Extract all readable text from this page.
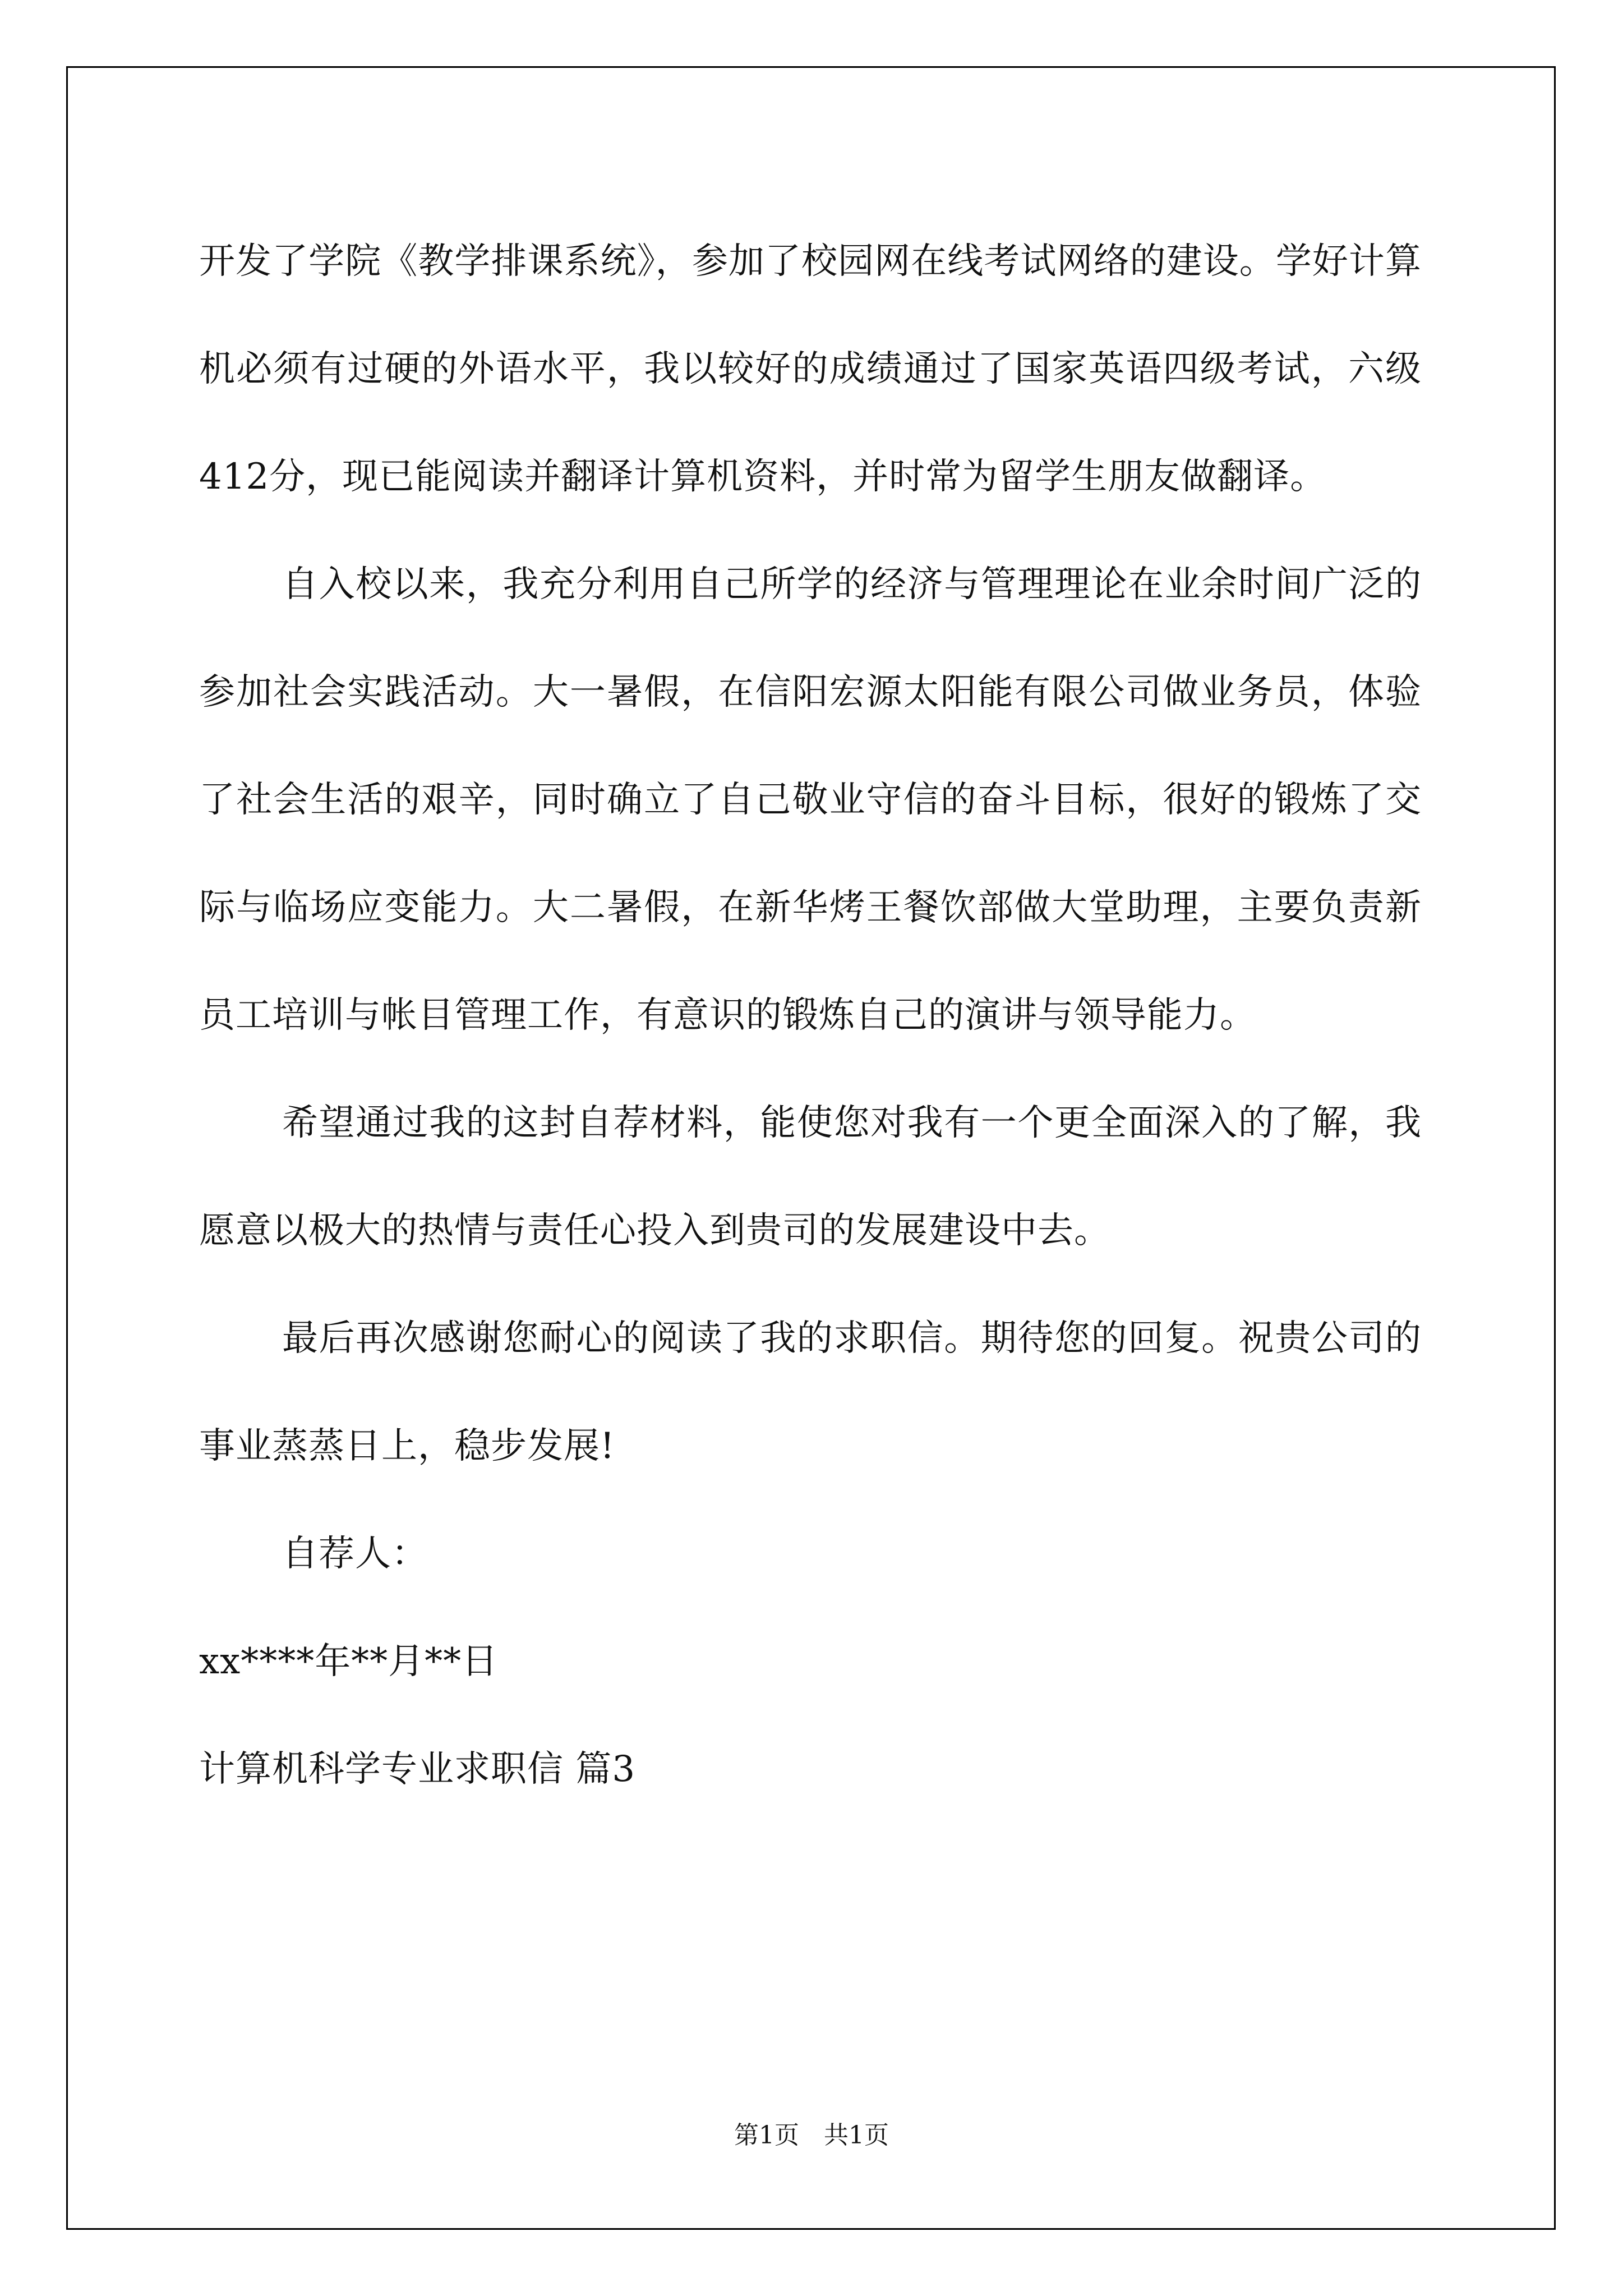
开发了学院《教学排课系统》，参加了校园网在线考试网络的建设。学好计算机必须有过硬的外语水平，我以较好的成绩通过了国家英语四级考试，六级412分，现已能阅读并翻译计算机资料，并时常为留学生朋友做翻译。

自入校以来，我充分利用自己所学的经济与管理理论在业余时间广泛的参加社会实践活动。大一暑假，在信阳宏源太阳能有限公司做业务员，体验了社会生活的艰辛，同时确立了自己敬业守信的奋斗目标，很好的锻炼了交际与临场应变能力。大二暑假，在新华烤王餐饮部做大堂助理，主要负责新员工培训与帐目管理工作，有意识的锻炼自己的演讲与领导能力。

希望通过我的这封自荐材料，能使您对我有一个更全面深入的了解，我愿意以极大的热情与责任心投入到贵司的发展建设中去。

最后再次感谢您耐心的阅读了我的求职信。期待您的回复。祝贵公司的事业蒸蒸日上，稳步发展!

自荐人：

xx****年**月**日

计算机科学专业求职信 篇3

第1页　共1页
